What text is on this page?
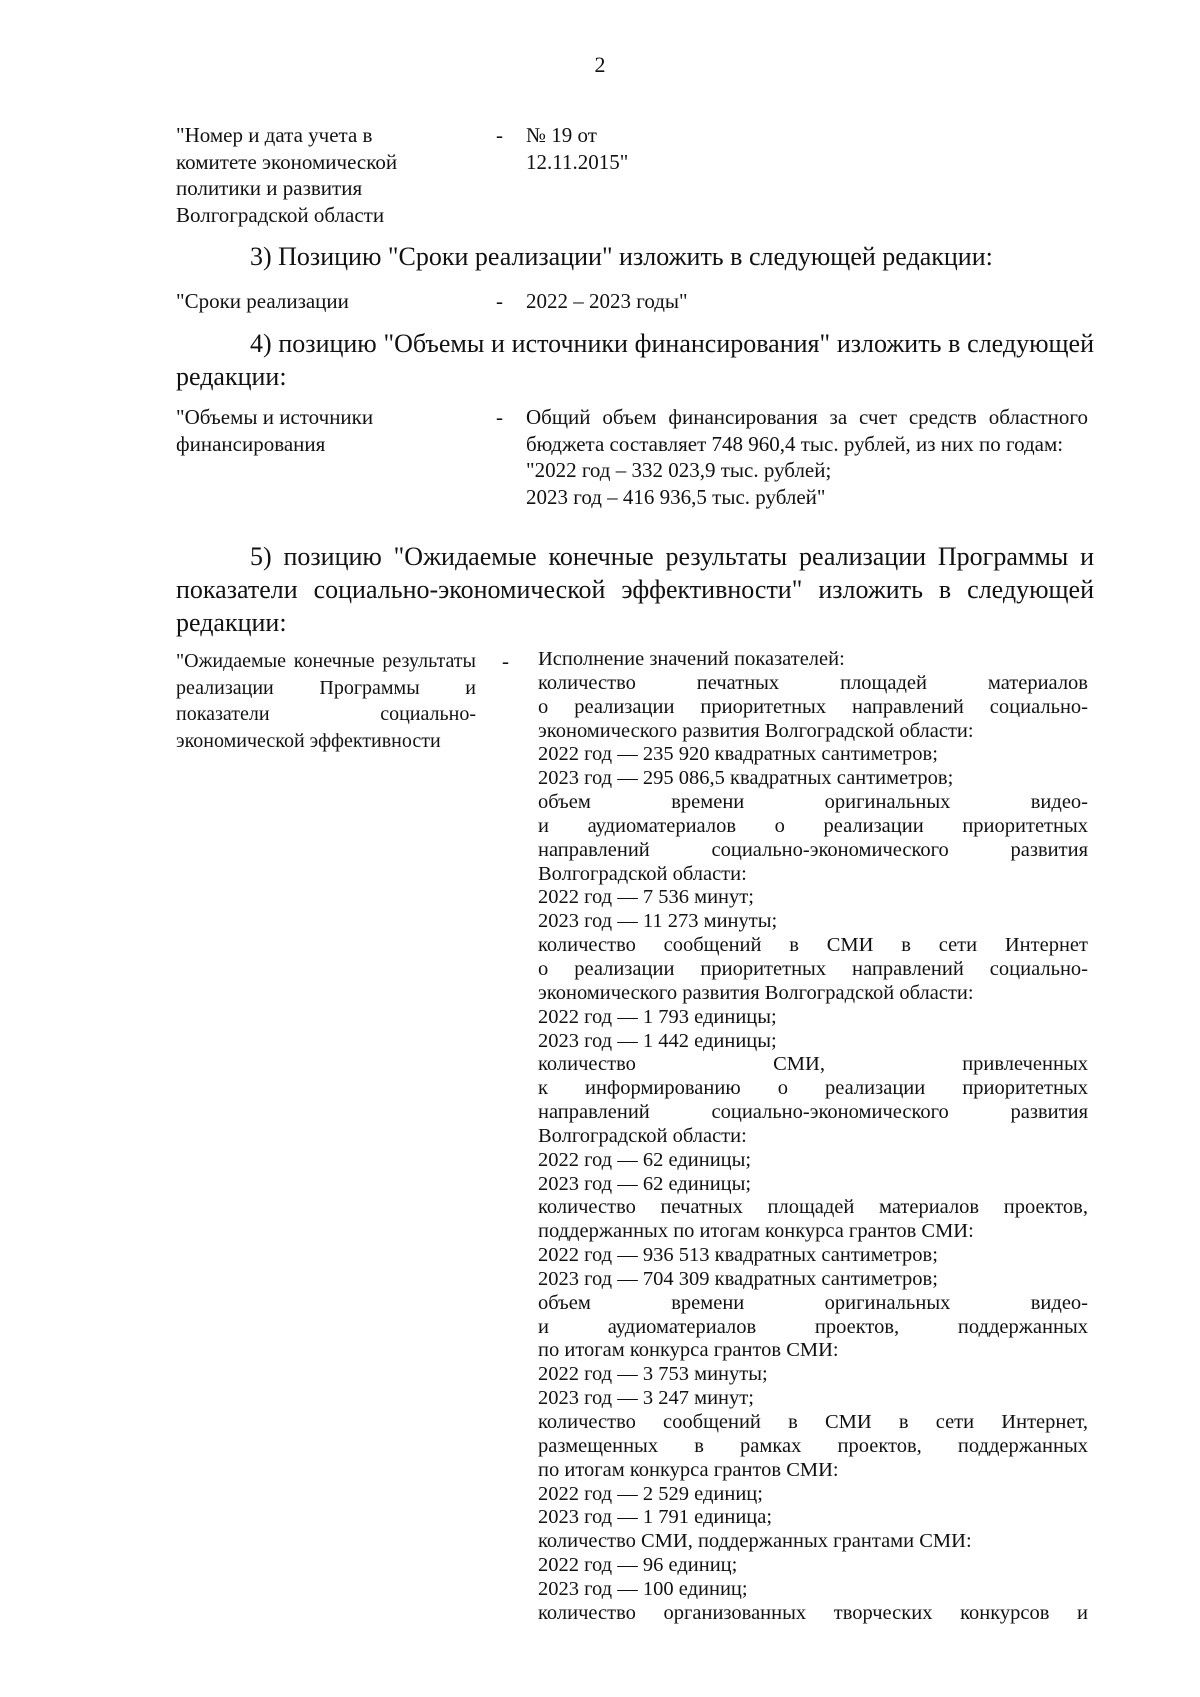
2
"Номер и дата учета в
комитете экономической
политики и развития
Волгоградской области
- № 19 от 12.11.2015"
3) Позицию "Сроки реализации" изложить в следующей редакции:
"Сроки реализации	- 2022 – 2023 годы"
4) позицию "Объемы и источники финансирования" изложить в следующей редакции:
"Объемы и источники
финансирования
- Общий объем финансирования за счет средств областного бюджета составляет 748 960,4 тыс. рублей, из них по годам:
"2022 год – 332 023,9 тыс. рублей;
2023 год – 416 936,5 тыс. рублей"
5) позицию "Ожидаемые конечные результаты реализации Программы и показатели социально-экономической эффективности" изложить в следующей редакции:
"Ожидаемые конечные результаты реализации Программы и показатели социально-экономической эффективности
- Исполнение значений показателей:
количество печатных площадей материалов
о реализации приоритетных направлений социально-
экономического развития Волгоградской области:
2022 год — 235 920 квадратных сантиметров;
2023 год — 295 086,5 квадратных сантиметров;
объем времени оригинальных видео-
и аудиоматериалов о реализации приоритетных
направлений социально-экономического развития
Волгоградской области:
2022 год — 7 536 минут;
2023 год — 11 273 минуты;
количество сообщений в СМИ в сети Интернет
о реализации приоритетных направлений социально-
экономического развития Волгоградской области:
2022 год — 1 793 единицы;
2023 год — 1 442 единицы;
количество СМИ, привлеченных
к информированию о реализации приоритетных
направлений социально-экономического развития
Волгоградской области:
2022 год — 62 единицы;
2023 год — 62 единицы;
количество печатных площадей материалов проектов,
поддержанных по итогам конкурса грантов СМИ:
2022 год — 936 513 квадратных сантиметров;
2023 год — 704 309 квадратных сантиметров;
объем времени оригинальных видео-
и аудиоматериалов проектов, поддержанных
по итогам конкурса грантов СМИ:
2022 год — 3 753 минуты;
2023 год — 3 247 минут;
количество сообщений в СМИ в сети Интернет,
размещенных в рамках проектов, поддержанных
по итогам конкурса грантов СМИ:
2022 год — 2 529 единиц;
2023 год — 1 791 единица;
количество СМИ, поддержанных грантами СМИ:
2022 год — 96 единиц;
2023 год — 100 единиц;
количество организованных творческих конкурсов и
